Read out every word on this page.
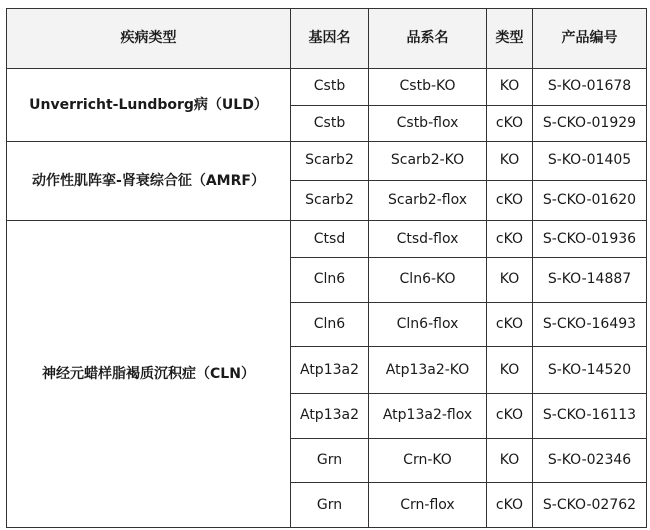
疾病类型	基因名	品系名	类型	产品编号
Unverricht-Lundborg病（ULD）	Cstb	Cstb-KO	KO	S-KO-01678
	Cstb	Cstb-flox	cKO	S-CKO-01929
动作性肌阵挛-肾衰综合征（AMRF）	Scarb2	Scarb2-KO	KO	S-KO-01405
	Scarb2	Scarb2-flox	cKO	S-CKO-01620
神经元蜡样脂褐质沉积症（CLN）	Ctsd	Ctsd-flox	cKO	S-CKO-01936
	Cln6	Cln6-KO	KO	S-KO-14887
	Cln6	Cln6-flox	cKO	S-CKO-16493
	Atp13a2	Atp13a2-KO	KO	S-KO-14520
	Atp13a2	Atp13a2-flox	cKO	S-CKO-16113
	Grn	Crn-KO	KO	S-KO-02346
	Grn	Crn-flox	cKO	S-CKO-02762
